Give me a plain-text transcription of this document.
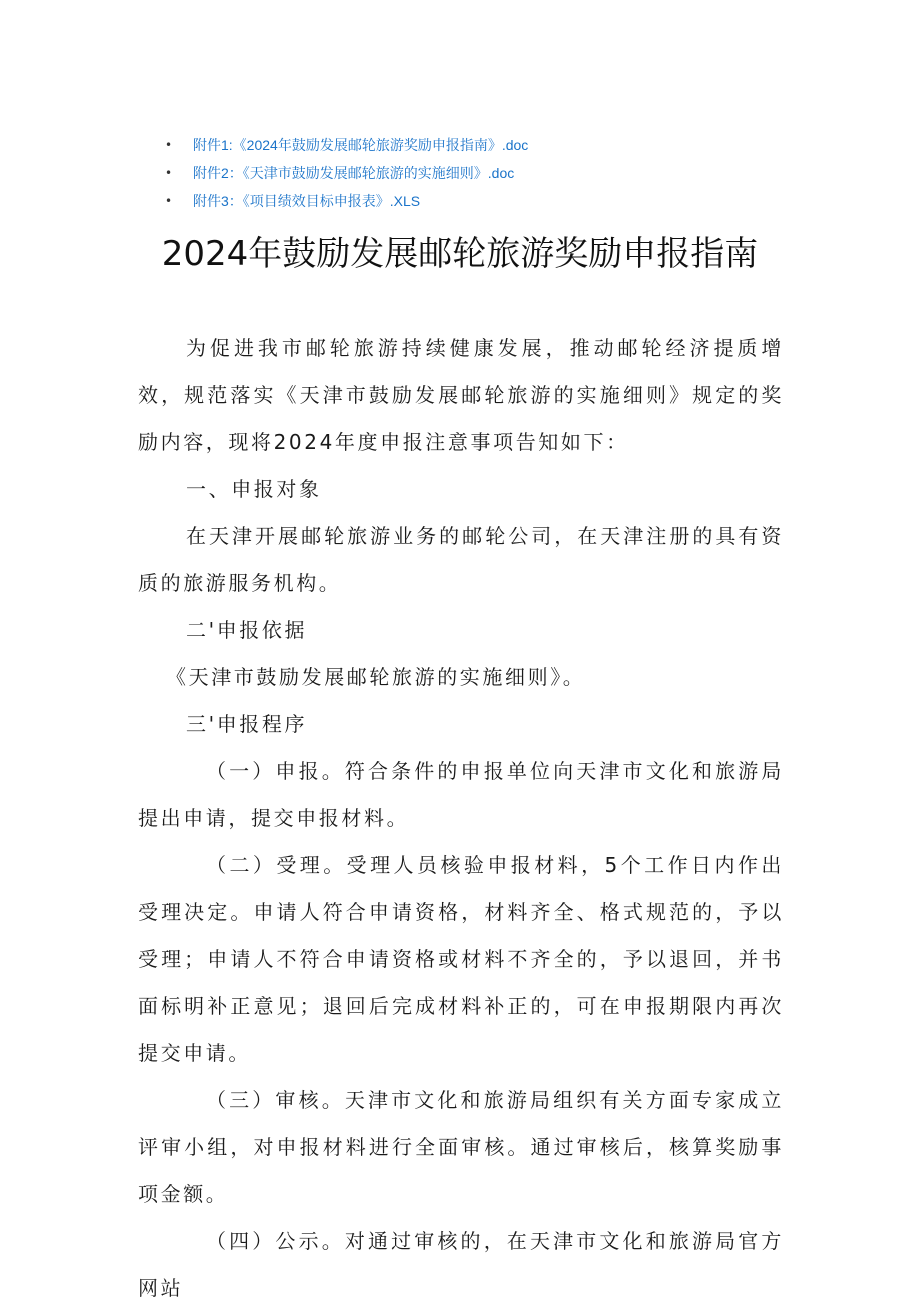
• 附件1:《2024年鼓励发展邮轮旅游奖励申报指南》.doc
• 附件2：《天津市鼓励发展邮轮旅游的实施细则》.doc
• 附件3：《项目绩效目标申报表》.XLS
2024年鼓励发展邮轮旅游奖励申报指南

为促进我市邮轮旅游持续健康发展，推动邮轮经济提质增效，规范落实《天津市鼓励发展邮轮旅游的实施细则》规定的奖励内容，现将2024年度申报注意事项告知如下：

一、申报对象

在天津开展邮轮旅游业务的邮轮公司，在天津注册的具有资质的旅游服务机构。

二'申报依据

《天津市鼓励发展邮轮旅游的实施细则》。

三'申报程序

（一）申报。符合条件的申报单位向天津市文化和旅游局提出申请，提交申报材料。

（二）受理。受理人员核验申报材料，5个工作日内作出受理决定。申请人符合申请资格，材料齐全、格式规范的，予以受理；申请人不符合申请资格或材料不齐全的，予以退回，并书面标明补正意见；退回后完成材料补正的，可在申报期限内再次提交申请。

（三）审核。天津市文化和旅游局组织有关方面专家成立评审小组，对申报材料进行全面审核。通过审核后，核算奖励事项金额。

（四）公示。对通过审核的，在天津市文化和旅游局官方网站
